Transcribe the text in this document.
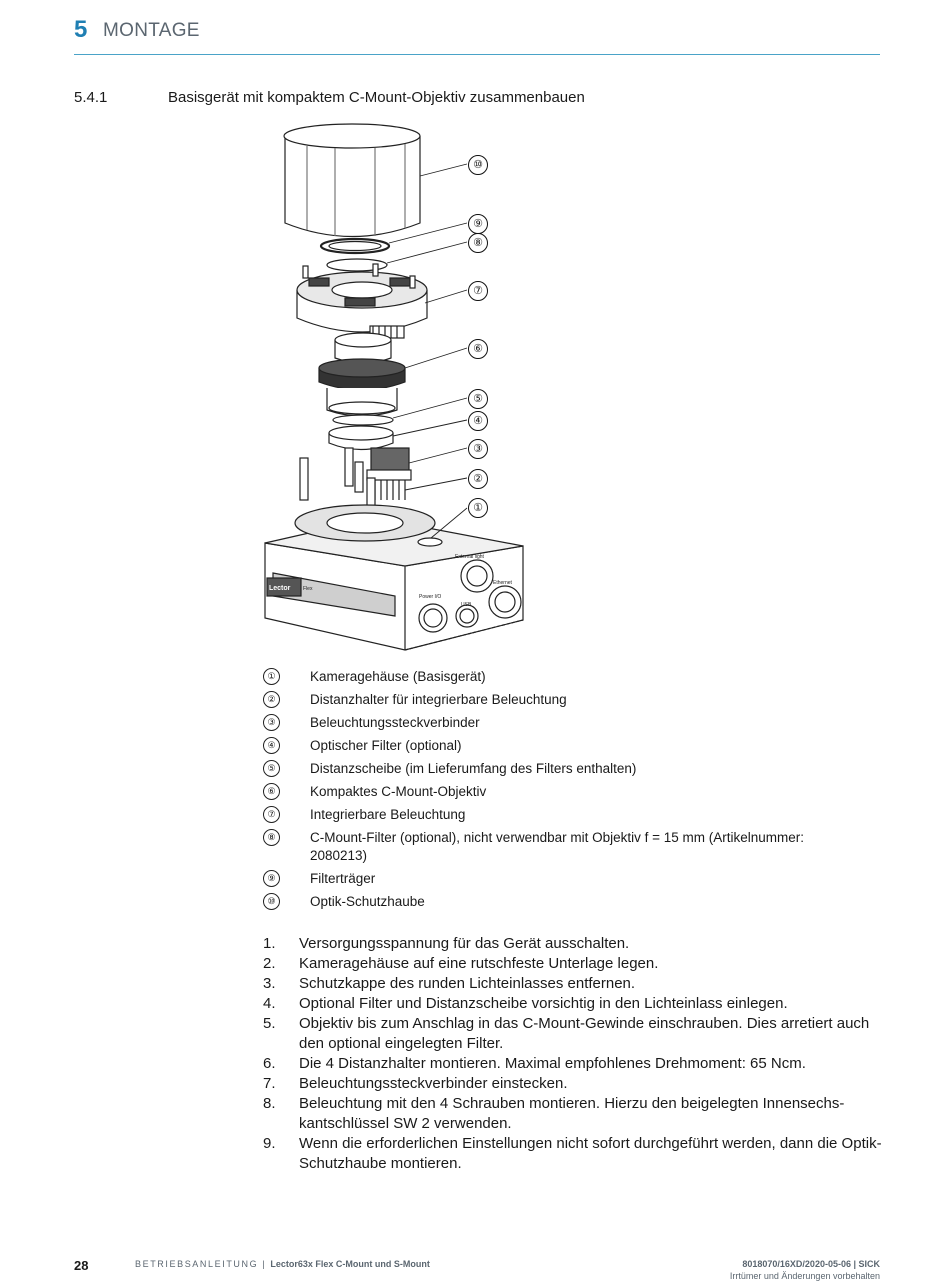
5 MONTAGE
5.4.1	Basisgerät mit kompaktem C-Mount-Objektiv zusammenbauen
External light
Power I/O
USB
Ethernet
Lector	Flex
⑩
⑨
⑧
⑦
⑥
⑤
④
③
②
①
①	Kameragehäuse (Basisgerät)
②	Distanzhalter für integrierbare Beleuchtung
③	Beleuchtungssteckverbinder
④	Optischer Filter (optional)
⑤	Distanzscheibe (im Lieferumfang des Filters enthalten)
⑥	Kompaktes C-Mount-Objektiv
⑦	Integrierbare Beleuchtung
⑧	C-Mount-Filter (optional), nicht verwendbar mit Objektiv f = 15 mm (Artikelnummer: 2080213)
⑨	Filterträger
⑩	Optik-Schutzhaube
1. Versorgungsspannung für das Gerät ausschalten.
2. Kameragehäuse auf eine rutschfeste Unterlage legen.
3. Schutzkappe des runden Lichteinlasses entfernen.
4. Optional Filter und Distanzscheibe vorsichtig in den Lichteinlass einlegen.
5. Objektiv bis zum Anschlag in das C-Mount-Gewinde einschrauben. Dies arretiert auch den optional eingelegten Filter.
6. Die 4 Distanzhalter montieren. Maximal empfohlenes Drehmoment: 65 Ncm.
7. Beleuchtungssteckverbinder einstecken.
8. Beleuchtung mit den 4 Schrauben montieren. Hierzu den beigelegten Innensechskantschlüssel SW 2 verwenden.
9. Wenn die erforderlichen Einstellungen nicht sofort durchgeführt werden, dann die Optik-Schutzhaube montieren.
28	BETRIEBSANLEITUNG | Lector63x Flex C-Mount und S-Mount	8018070/16XD/2020-05-06 | SICK
Irrtümer und Änderungen vorbehalten
